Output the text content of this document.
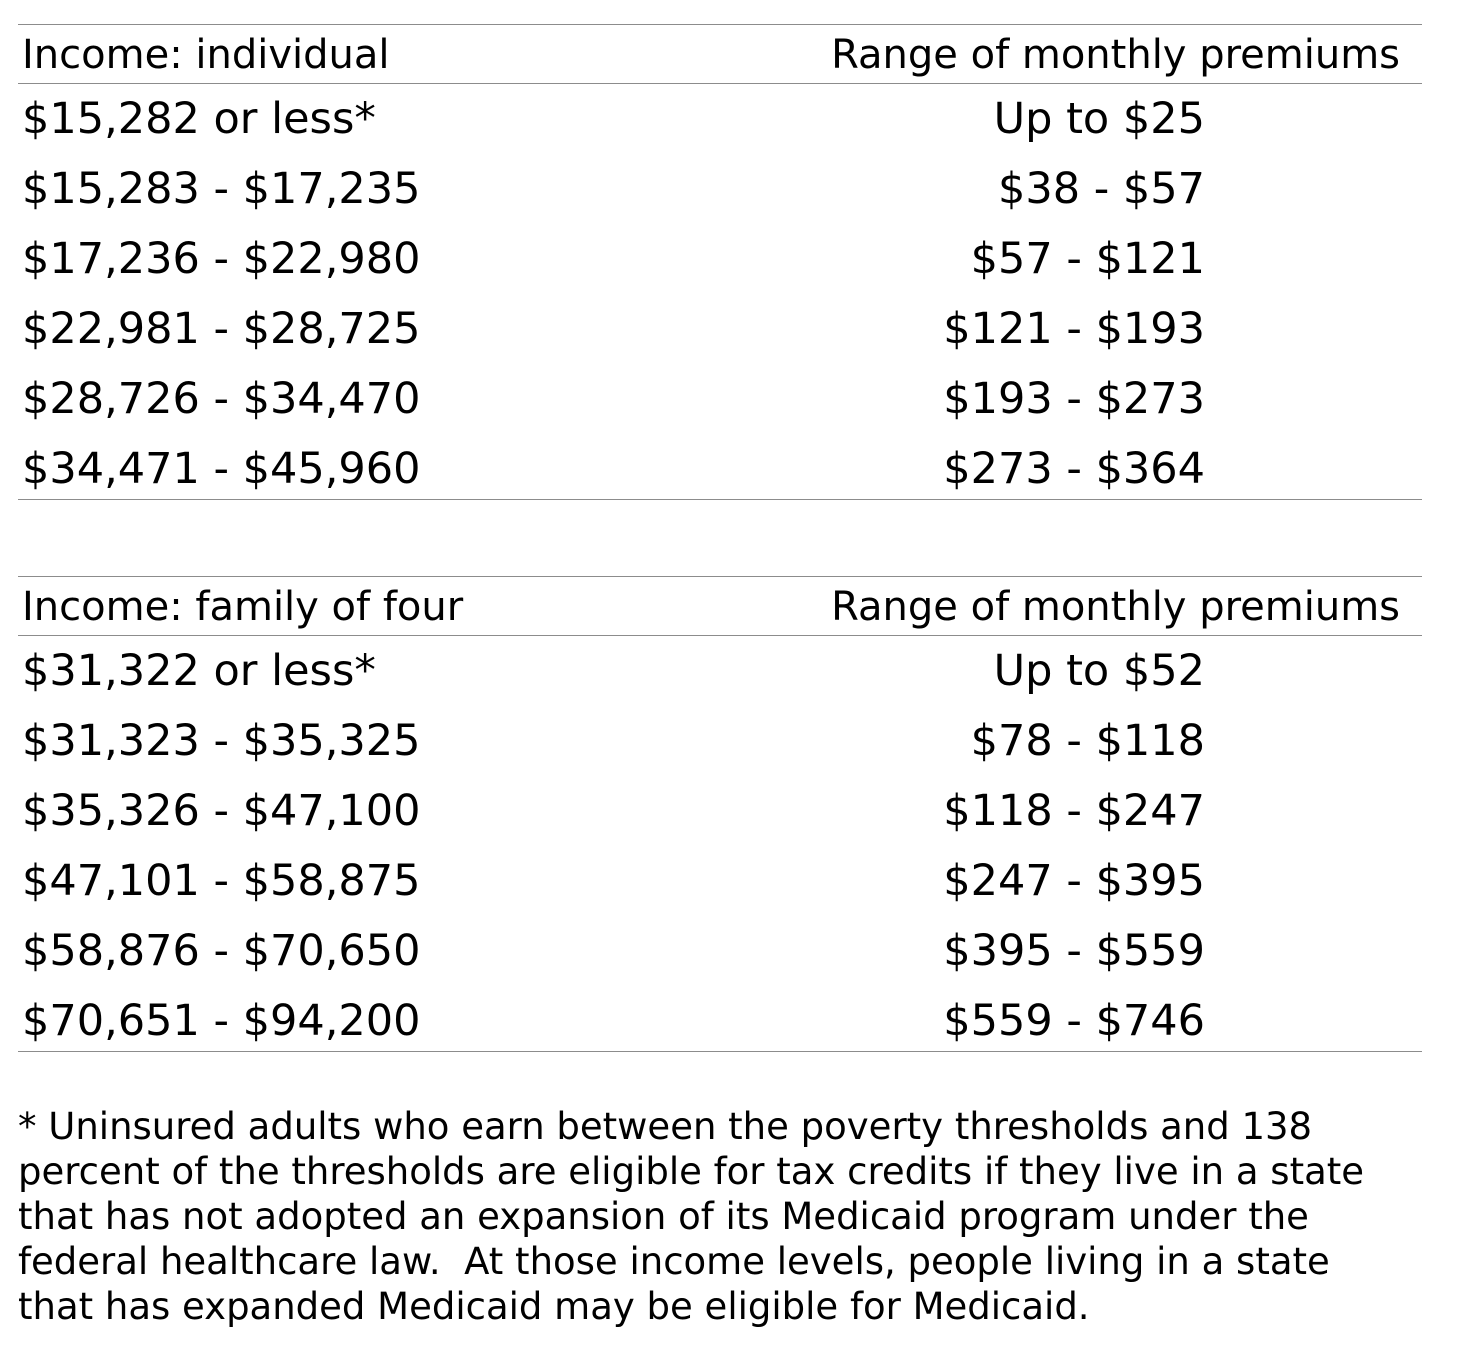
Income: individual	Range of monthly premiums
$15,282 or less*	Up to $25
$15,283 - $17,235	$38 - $57
$17,236 - $22,980	$57 - $121
$22,981 - $28,725	$121 - $193
$28,726 - $34,470	$193 - $273
$34,471 - $45,960	$273 - $364
Income: family of four	Range of monthly premiums
$31,322 or less*	Up to $52
$31,323 - $35,325	$78 - $118
$35,326 - $47,100	$118 - $247
$47,101 - $58,875	$247 - $395
$58,876 - $70,650	$395 - $559
$70,651 - $94,200	$559 - $746
* Uninsured adults who earn between the poverty thresholds and 138
percent of the thresholds are eligible for tax credits if they live in a state
that has not adopted an expansion of its Medicaid program under the
federal healthcare law.  At those income levels, people living in a state
that has expanded Medicaid may be eligible for Medicaid.
